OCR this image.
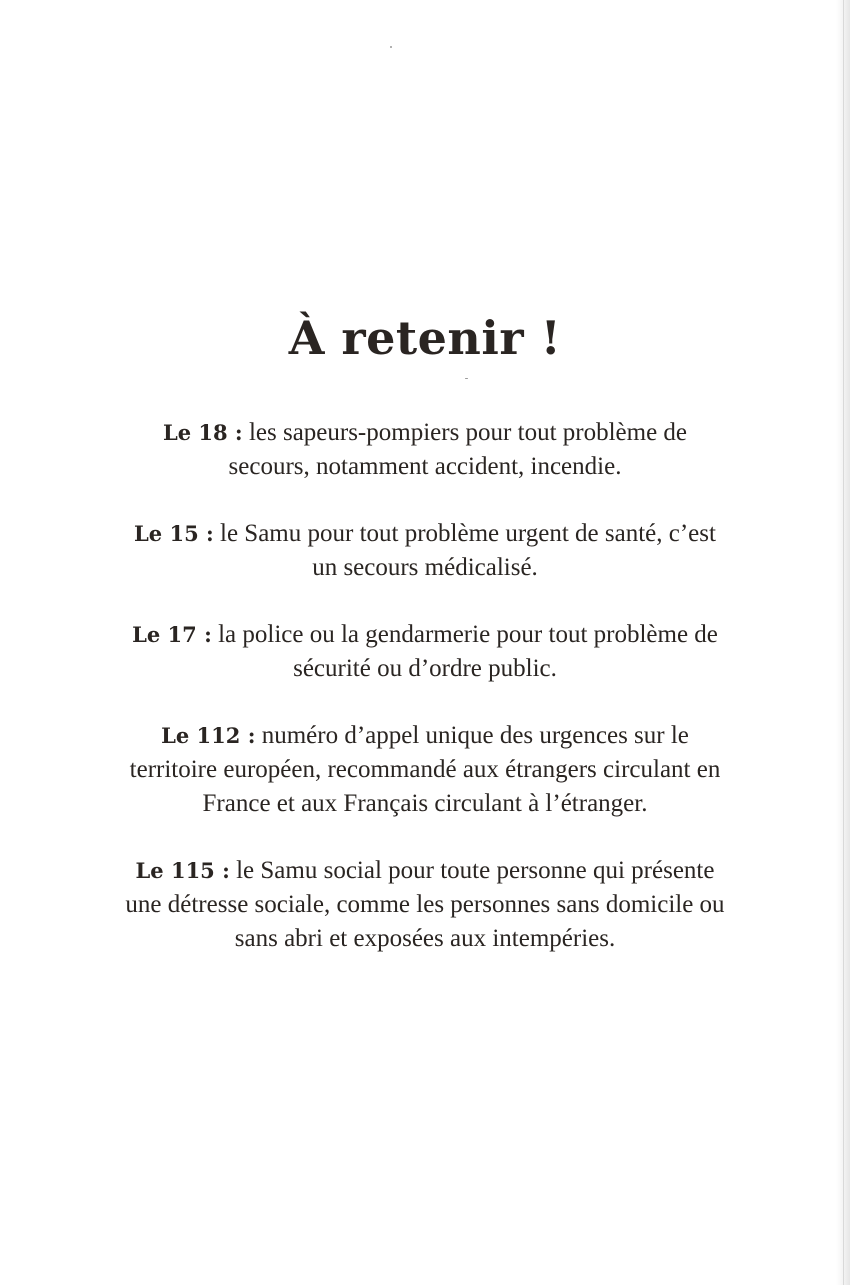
À retenir !

Le 18 : les sapeurs-pompiers pour tout problème de secours, notamment accident, incendie.

Le 15 : le Samu pour tout problème urgent de santé, c’est un secours médicalisé.

Le 17 : la police ou la gendarmerie pour tout problème de sécurité ou d’ordre public.

Le 112 : numéro d’appel unique des urgences sur le territoire européen, recommandé aux étrangers circulant en France et aux Français circulant à l’étranger.

Le 115 : le Samu social pour toute personne qui présente une détresse sociale, comme les personnes sans domicile ou sans abri et exposées aux intempéries.
